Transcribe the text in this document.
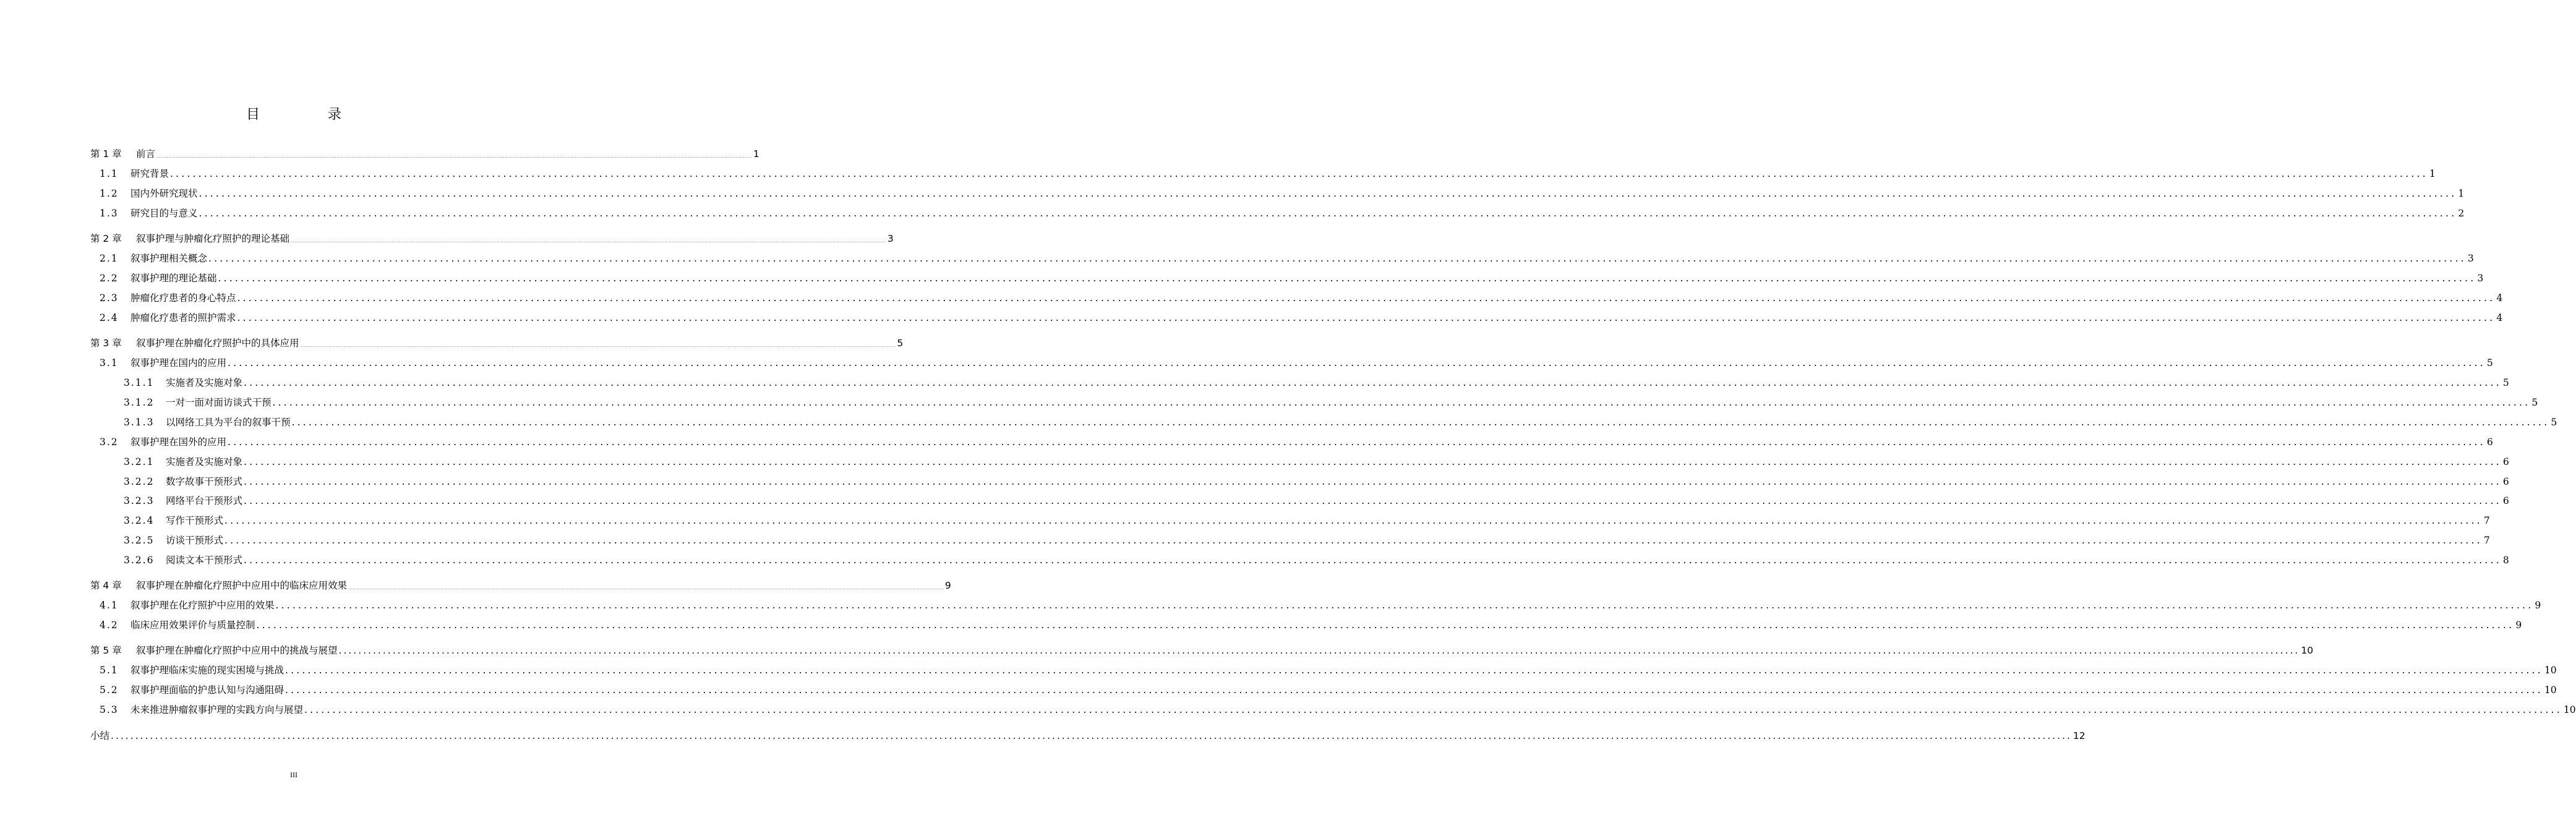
目　录
第 1 章 前言 ................................................................................................................................................................................................................................................................................................................................................................................................................ 1
1.1 研究背景 ................................................................................................................................................................................................................................................................................................................................................................................................................ 1
1.2 国内外研究现状 ................................................................................................................................................................................................................................................................................................................................................................................................................ 1
1.3 研究目的与意义 ................................................................................................................................................................................................................................................................................................................................................................................................................ 2
第 2 章 叙事护理与肿瘤化疗照护的理论基础 ................................................................................................................................................................................................................................................................................................................................................................................................................ 3
2.1 叙事护理相关概念 ................................................................................................................................................................................................................................................................................................................................................................................................................ 3
2.2 叙事护理的理论基础 ................................................................................................................................................................................................................................................................................................................................................................................................................ 3
2.3 肿瘤化疗患者的身心特点 ................................................................................................................................................................................................................................................................................................................................................................................................................ 4
2.4 肿瘤化疗患者的照护需求 ................................................................................................................................................................................................................................................................................................................................................................................................................ 4
第 3 章 叙事护理在肿瘤化疗照护中的具体应用 ................................................................................................................................................................................................................................................................................................................................................................................................................ 5
3.1 叙事护理在国内的应用 ................................................................................................................................................................................................................................................................................................................................................................................................................ 5
3.1.1 实施者及实施对象 ................................................................................................................................................................................................................................................................................................................................................................................................................ 5
3.1.2 一对一面对面访谈式干预 ................................................................................................................................................................................................................................................................................................................................................................................................................ 5
3.1.3 以网络工具为平台的叙事干预 ................................................................................................................................................................................................................................................................................................................................................................................................................ 5
3.2 叙事护理在国外的应用 ................................................................................................................................................................................................................................................................................................................................................................................................................ 6
3.2.1 实施者及实施对象 ................................................................................................................................................................................................................................................................................................................................................................................................................ 6
3.2.2 数字故事干预形式 ................................................................................................................................................................................................................................................................................................................................................................................................................ 6
3.2.3 网络平台干预形式 ................................................................................................................................................................................................................................................................................................................................................................................................................ 6
3.2.4 写作干预形式 ................................................................................................................................................................................................................................................................................................................................................................................................................ 7
3.2.5 访谈干预形式 ................................................................................................................................................................................................................................................................................................................................................................................................................ 7
3.2.6 阅读文本干预形式 ................................................................................................................................................................................................................................................................................................................................................................................................................ 8
第 4 章 叙事护理在肿瘤化疗照护中应用中的临床应用效果 ................................................................................................................................................................................................................................................................................................................................................................................................................ 9
4.1 叙事护理在化疗照护中应用的效果 ................................................................................................................................................................................................................................................................................................................................................................................................................ 9
4.2 临床应用效果评价与质量控制 ................................................................................................................................................................................................................................................................................................................................................................................................................ 9
第 5 章 叙事护理在肿瘤化疗照护中应用中的挑战与展望 ................................................................................................................................................................................................................................................................................................................................................................................................................ 10
5.1 叙事护理临床实施的现实困境与挑战 ................................................................................................................................................................................................................................................................................................................................................................................................................ 10
5.2 叙事护理面临的护患认知与沟通阻碍 ................................................................................................................................................................................................................................................................................................................................................................................................................ 10
5.3 未来推进肿瘤叙事护理的实践方向与展望 ................................................................................................................................................................................................................................................................................................................................................................................................................ 10
小结 ................................................................................................................................................................................................................................................................................................................................................................................................................ 12
III
